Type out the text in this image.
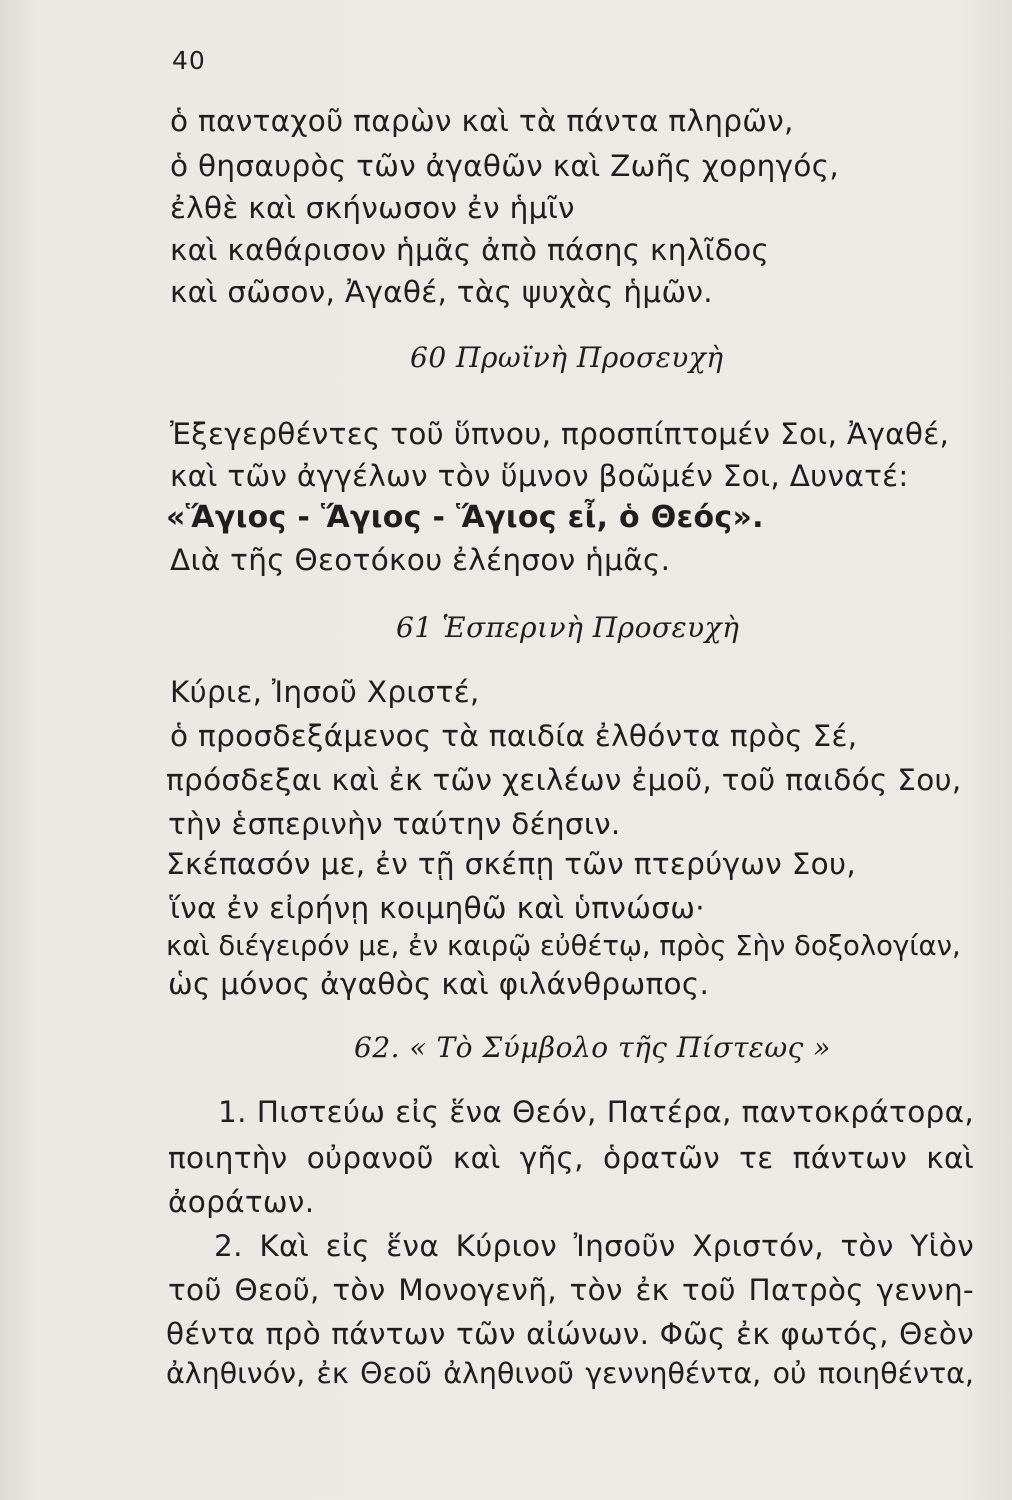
40
ὁ πανταχοῦ παρὼν καὶ τὰ πάντα πληρῶν,
ὁ θησαυρὸς τῶν ἀγαθῶν καὶ Ζωῆς χορηγός,
ἐλθὲ καὶ σκήνωσον ἐν ἡμῖν
καὶ καθάρισον ἡμᾶς ἀπὸ πάσης κηλῖδος
καὶ σῶσον, Ἀγαθέ, τὰς ψυχὰς ἡμῶν.
60 Πρωϊνὴ Προσευχὴ
Ἐξεγερθέντες τοῦ ὕπνου, προσπίπτομέν Σοι, Ἀγαθέ,
καὶ τῶν ἀγγέλων τὸν ὕμνον βοῶμέν Σοι, Δυνατέ:
«Ἅγιος - Ἅγιος - Ἅγιος εἶ, ὁ Θεός».
Διὰ τῆς Θεοτόκου ἐλέησον ἡμᾶς.
61 Ἑσπερινὴ Προσευχὴ
Κύριε, Ἰησοῦ Χριστέ,
ὁ προσδεξάμενος τὰ παιδία ἐλθόντα πρὸς Σέ,
πρόσδεξαι καὶ ἐκ τῶν χειλέων ἐμοῦ, τοῦ παιδός Σου,
τὴν ἑσπερινὴν ταύτην δέησιν.
Σκέπασόν με, ἐν τῇ σκέπῃ τῶν πτερύγων Σου,
ἵνα ἐν εἰρήνῃ κοιμηθῶ καὶ ὑπνώσω·
καὶ διέγειρόν με, ἐν καιρῷ εὐθέτῳ, πρὸς Σὴν δοξολογίαν,
ὡς μόνος ἀγαθὸς καὶ φιλάνθρωπος.
62. « Τὸ Σύμβολο τῆς Πίστεως »
1. Πιστεύω εἰς ἕνα Θεόν, Πατέρα, παντοκράτορα,
ποιητὴν οὐρανοῦ καὶ γῆς, ὁρατῶν τε πάντων καὶ
ἀοράτων.
2. Καὶ εἰς ἕνα Κύριον Ἰησοῦν Χριστόν, τὸν Υἱὸν
τοῦ Θεοῦ, τὸν Μονογενῆ, τὸν ἐκ τοῦ Πατρὸς γεννη-
θέντα πρὸ πάντων τῶν αἰώνων. Φῶς ἐκ φωτός, Θεὸν
ἀληθινόν, ἐκ Θεοῦ ἀληθινοῦ γεννηθέντα, οὐ ποιηθέντα,
